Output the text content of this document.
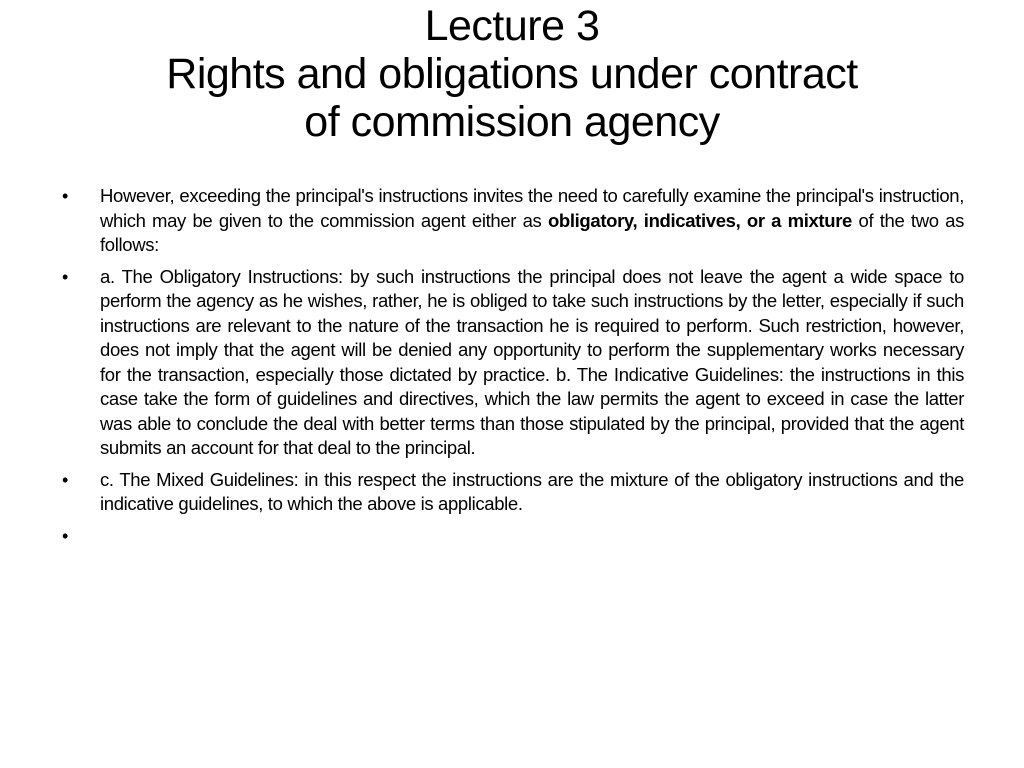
Lecture 3
Rights and obligations under contract
of commission agency
•	However, exceeding the principal's instructions invites the need to carefully examine the principal's instruction, which may be given to the commission agent either as obligatory, indicatives, or a mixture of the two as follows:
•	a. The Obligatory Instructions: by such instructions the principal does not leave the agent a wide space to perform the agency as he wishes, rather, he is obliged to take such instructions by the letter, especially if such instructions are relevant to the nature of the transaction he is required to perform. Such restriction, however, does not imply that the agent will be denied any opportunity to perform the supplementary works necessary for the transaction, especially those dictated by practice. b. The Indicative Guidelines: the instructions in this case take the form of guidelines and directives, which the law permits the agent to exceed in case the latter was able to conclude the deal with better terms than those stipulated by the principal, provided that the agent submits an account for that deal to the principal.
•	c. The Mixed Guidelines: in this respect the instructions are the mixture of the obligatory instructions and the indicative guidelines, to which the above is applicable.
•
